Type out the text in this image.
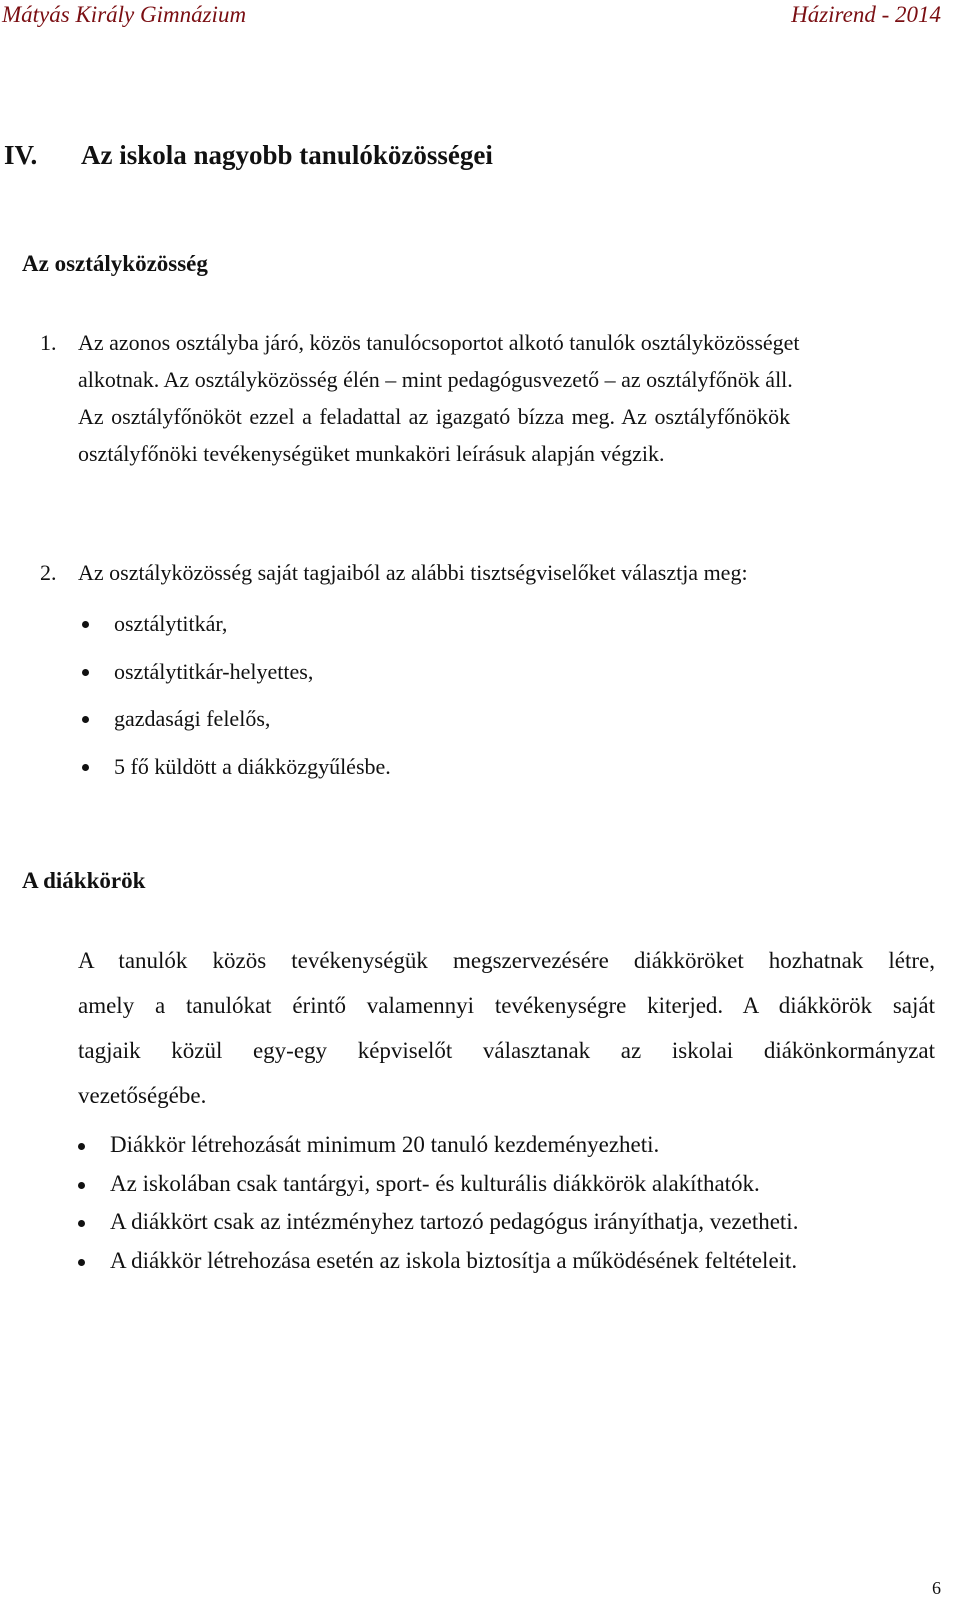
Mátyás Király Gimnázium	Házirend - 2014
IV. Az iskola nagyobb tanulóközösségei
Az osztályközösség
1. Az azonos osztályba járó, közös tanulócsoportot alkotó tanulók osztályközösséget
alkotnak. Az osztályközösség élén – mint pedagógusvezető – az osztályfőnök áll.
Az osztályfőnököt ezzel a feladattal az igazgató bízza meg. Az osztályfőnökök
osztályfőnöki tevékenységüket munkaköri leírásuk alapján végzik.
2. Az osztályközösség saját tagjaiból az alábbi tisztségviselőket választja meg:
osztálytitkár,
osztálytitkár-helyettes,
gazdasági felelős,
5 fő küldött a diákközgyűlésbe.
A diákkörök
A tanulók közös tevékenységük megszervezésére diákköröket hozhatnak létre,
amely a tanulókat érintő valamennyi tevékenységre kiterjed. A diákkörök saját
tagjaik közül egy-egy képviselőt választanak az iskolai diákönkormányzat
vezetőségébe.
Diákkör létrehozását minimum 20 tanuló kezdeményezheti.
Az iskolában csak tantárgyi, sport- és kulturális diákkörök alakíthatók.
A diákkört csak az intézményhez tartozó pedagógus irányíthatja, vezetheti.
A diákkör létrehozása esetén az iskola biztosítja a működésének feltételeit.
6
